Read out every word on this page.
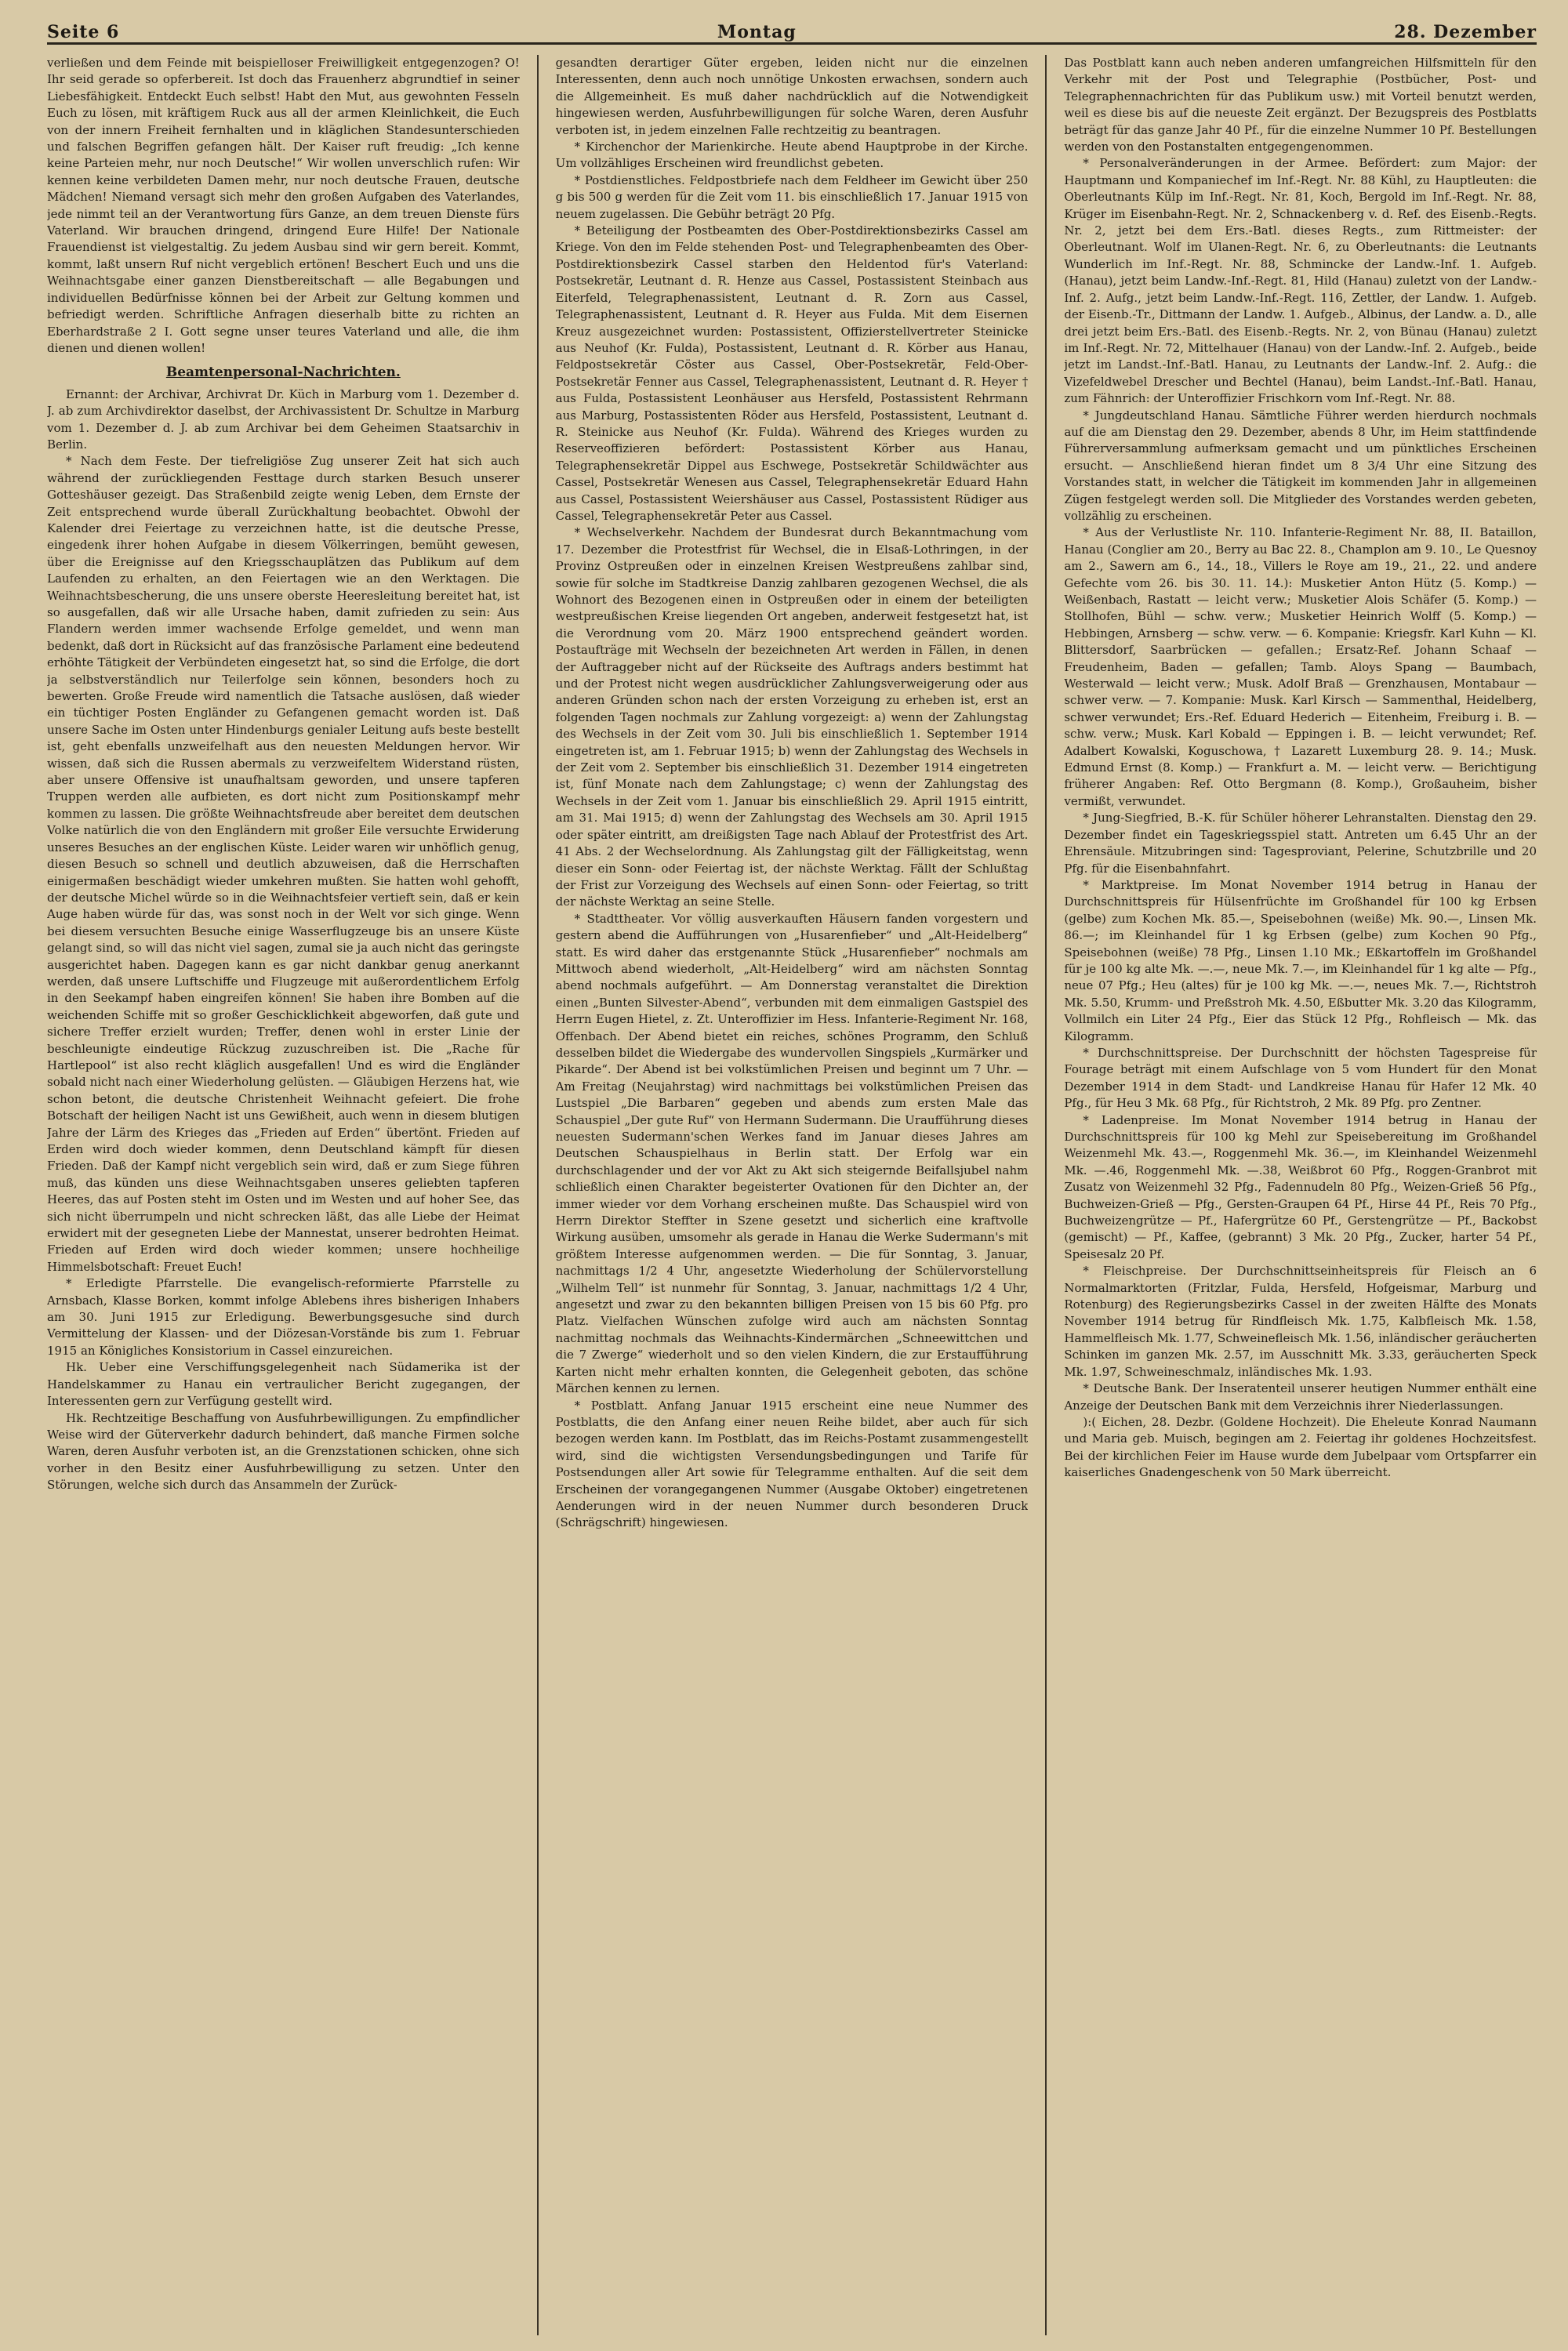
Seite 6	Montag	28. Dezember

verließen und dem Feinde mit beispielloser Freiwilligkeit entgegenzogen? O! Ihr seid gerade so opferbereit. Ist doch das Frauenherz abgrundtief in seiner Liebesfähigkeit. Entdeckt Euch selbst! Habt den Mut, aus gewohnten Fesseln Euch zu lösen, mit kräftigem Ruck aus all der armen Kleinlichkeit, die Euch von der innern Freiheit fernhalten und in kläglichen Standesunterschieden und falschen Begriffen gefangen hält. Der Kaiser ruft freudig: „Ich kenne keine Parteien mehr, nur noch Deutsche!“ Wir wollen unverschlich rufen: Wir kennen keine verbildeten Damen mehr, nur noch deutsche Frauen, deutsche Mädchen! Niemand versagt sich mehr den großen Aufgaben des Vaterlandes, jede nimmt teil an der Verantwortung fürs Ganze, an dem treuen Dienste fürs Vaterland. Wir brauchen dringend, dringend Eure Hilfe! Der Nationale Frauendienst ist vielgestaltig. Zu jedem Ausbau sind wir gern bereit. Kommt, kommt, laßt unsern Ruf nicht vergeblich ertönen! Beschert Euch und uns die Weihnachtsgabe einer ganzen Dienstbereitschaft — alle Begabungen und individuellen Bedürfnisse können bei der Arbeit zur Geltung kommen und befriedigt werden. Schriftliche Anfragen dieserhalb bitte zu richten an Eberhardstraße 2 I. Gott segne unser teures Vaterland und alle, die ihm dienen und dienen wollen!

Beamtenpersonal-Nachrichten.

Ernannt: der Archivar, Archivrat Dr. Küch in Marburg vom 1. Dezember d. J. ab zum Archivdirektor daselbst, der Archivassistent Dr. Schultze in Marburg vom 1. Dezember d. J. ab zum Archivar bei dem Geheimen Staatsarchiv in Berlin.

* Nach dem Feste. Der tiefreligiöse Zug unserer Zeit hat sich auch während der zurückliegenden Festtage durch starken Besuch unserer Gotteshäuser gezeigt. Das Straßenbild zeigte wenig Leben, dem Ernste der Zeit entsprechend wurde überall Zurückhaltung beobachtet. Obwohl der Kalender drei Feiertage zu verzeichnen hatte, ist die deutsche Presse, eingedenk ihrer hohen Aufgabe in diesem Völkerringen, bemüht gewesen, über die Ereignisse auf den Kriegsschauplätzen das Publikum auf dem Laufenden zu erhalten, an den Feiertagen wie an den Werktagen. Die Weihnachtsbescherung, die uns unsere oberste Heeresleitung bereitet hat, ist so ausgefallen, daß wir alle Ursache haben, damit zufrieden zu sein: Aus Flandern werden immer wachsende Erfolge gemeldet, und wenn man bedenkt, daß dort in Rücksicht auf das französische Parlament eine bedeutend erhöhte Tätigkeit der Verbündeten eingesetzt hat, so sind die Erfolge, die dort ja selbstverständlich nur Teilerfolge sein können, besonders hoch zu bewerten. Große Freude wird namentlich die Tatsache auslösen, daß wieder ein tüchtiger Posten Engländer zu Gefangenen gemacht worden ist. Daß unsere Sache im Osten unter Hindenburgs genialer Leitung aufs beste bestellt ist, geht ebenfalls unzweifelhaft aus den neuesten Meldungen hervor. Wir wissen, daß sich die Russen abermals zu verzweifeltem Widerstand rüsten, aber unsere Offensive ist unaufhaltsam geworden, und unsere tapferen Truppen werden alle aufbieten, es dort nicht zum Positionskampf mehr kommen zu lassen. Die größte Weihnachtsfreude aber bereitet dem deutschen Volke natürlich die von den Engländern mit großer Eile versuchte Erwiderung unseres Besuches an der englischen Küste. Leider waren wir unhöflich genug, diesen Besuch so schnell und deutlich abzuweisen, daß die Herrschaften einigermaßen beschädigt wieder umkehren mußten. Sie hatten wohl gehofft, der deutsche Michel würde so in die Weihnachtsfeier vertieft sein, daß er kein Auge haben würde für das, was sonst noch in der Welt vor sich ginge. Wenn bei diesem versuchten Besuche einige Wasserflugzeuge bis an unsere Küste gelangt sind, so will das nicht viel sagen, zumal sie ja auch nicht das geringste ausgerichtet haben. Dagegen kann es gar nicht dankbar genug anerkannt werden, daß unsere Luftschiffe und Flugzeuge mit außerordentlichem Erfolg in den Seekampf haben eingreifen können! Sie haben ihre Bomben auf die weichenden Schiffe mit so großer Geschicklichkeit abgeworfen, daß gute und sichere Treffer erzielt wurden; Treffer, denen wohl in erster Linie der beschleunigte eindeutige Rückzug zuzuschreiben ist. Die „Rache für Hartlepool“ ist also recht kläglich ausgefallen! Und es wird die Engländer sobald nicht nach einer Wiederholung gelüsten. — Gläubigen Herzens hat, wie schon betont, die deutsche Christenheit Weihnacht gefeiert. Die frohe Botschaft der heiligen Nacht ist uns Gewißheit, auch wenn in diesem blutigen Jahre der Lärm des Krieges das „Frieden auf Erden“ übertönt. Frieden auf Erden wird doch wieder kommen, denn Deutschland kämpft für diesen Frieden. Daß der Kampf nicht vergeblich sein wird, daß er zum Siege führen muß, das künden uns diese Weihnachtsgaben unseres geliebten tapferen Heeres, das auf Posten steht im Osten und im Westen und auf hoher See, das sich nicht überrumpeln und nicht schrecken läßt, das alle Liebe der Heimat erwidert mit der gesegneten Liebe der Mannestat, unserer bedrohten Heimat. Frieden auf Erden wird doch wieder kommen; unsere hochheilige Himmelsbotschaft: Freuet Euch!

* Erledigte Pfarrstelle. Die evangelisch-reformierte Pfarrstelle zu Arnsbach, Klasse Borken, kommt infolge Ablebens ihres bisherigen Inhabers am 30. Juni 1915 zur Erledigung. Bewerbungsgesuche sind durch Vermittelung der Klassen- und der Diözesan-Vorstände bis zum 1. Februar 1915 an Königliches Konsistorium in Cassel einzureichen.

Hk. Ueber eine Verschiffungsgelegenheit nach Südamerika ist der Handelskammer zu Hanau ein vertraulicher Bericht zugegangen, der Interessenten gern zur Verfügung gestellt wird.

Hk. Rechtzeitige Beschaffung von Ausfuhrbewilligungen. Zu empfindlicher Weise wird der Güterverkehr dadurch behindert, daß manche Firmen solche Waren, deren Ausfuhr verboten ist, an die Grenzstationen schicken, ohne sich vorher in den Besitz einer Ausfuhrbewilligung zu setzen. Unter den Störungen, welche sich durch das Ansammeln der Zurück-

gesandten derartiger Güter ergeben, leiden nicht nur die einzelnen Interessenten, denn auch noch unnötige Unkosten erwachsen, sondern auch die Allgemeinheit. Es muß daher nachdrücklich auf die Notwendigkeit hingewiesen werden, Ausfuhrbewilligungen für solche Waren, deren Ausfuhr verboten ist, in jedem einzelnen Falle rechtzeitig zu beantragen.

* Kirchenchor der Marienkirche. Heute abend Hauptprobe in der Kirche. Um vollzähliges Erscheinen wird freundlichst gebeten.

* Postdienstliches. Feldpostbriefe nach dem Feldheer im Gewicht über 250 g bis 500 g werden für die Zeit vom 11. bis einschließlich 17. Januar 1915 von neuem zugelassen. Die Gebühr beträgt 20 Pfg.

* Beteiligung der Postbeamten des Ober-Postdirektionsbezirks Cassel am Kriege. Von den im Felde stehenden Post- und Telegraphenbeamten des Ober-Postdirektionsbezirk Cassel starben den Heldentod für's Vaterland: Postsekretär, Leutnant d. R. Henze aus Cassel, Postassistent Steinbach aus Eiterfeld, Telegraphenassistent, Leutnant d. R. Zorn aus Cassel, Telegraphenassistent, Leutnant d. R. Heyer aus Fulda. Mit dem Eisernen Kreuz ausgezeichnet wurden: Postassistent, Offizierstellvertreter Steinicke aus Neuhof (Kr. Fulda), Postassistent, Leutnant d. R. Körber aus Hanau, Feldpostsekretär Cöster aus Cassel, Ober-Postsekretär, Feld-Ober-Postsekretär Fenner aus Cassel, Telegraphenassistent, Leutnant d. R. Heyer † aus Fulda, Postassistent Leonhäuser aus Hersfeld, Postassistent Rehrmann aus Marburg, Postassistenten Röder aus Hersfeld, Postassistent, Leutnant d. R. Steinicke aus Neuhof (Kr. Fulda). Während des Krieges wurden zu Reserveoffizieren befördert: Postassistent Körber aus Hanau, Telegraphensekretär Dippel aus Eschwege, Postsekretär Schildwächter aus Cassel, Postsekretär Wenesen aus Cassel, Telegraphensekretär Eduard Hahn aus Cassel, Postassistent Weiershäuser aus Cassel, Postassistent Rüdiger aus Cassel, Telegraphensekretär Peter aus Cassel.

* Wechselverkehr. Nachdem der Bundesrat durch Bekanntmachung vom 17. Dezember die Protestfrist für Wechsel, die in Elsaß-Lothringen, in der Provinz Ostpreußen oder in einzelnen Kreisen Westpreußens zahlbar sind, sowie für solche im Stadtkreise Danzig zahlbaren gezogenen Wechsel, die als Wohnort des Bezogenen einen in Ostpreußen oder in einem der beteiligten westpreußischen Kreise liegenden Ort angeben, anderweit festgesetzt hat, ist die Verordnung vom 20. März 1900 entsprechend geändert worden. Postaufträge mit Wechseln der bezeichneten Art werden in Fällen, in denen der Auftraggeber nicht auf der Rückseite des Auftrags anders bestimmt hat und der Protest nicht wegen ausdrücklicher Zahlungsverweigerung oder aus anderen Gründen schon nach der ersten Vorzeigung zu erheben ist, erst an folgenden Tagen nochmals zur Zahlung vorgezeigt: a) wenn der Zahlungstag des Wechsels in der Zeit vom 30. Juli bis einschließlich 1. September 1914 eingetreten ist, am 1. Februar 1915; b) wenn der Zahlungstag des Wechsels in der Zeit vom 2. September bis einschließlich 31. Dezember 1914 eingetreten ist, fünf Monate nach dem Zahlungstage; c) wenn der Zahlungstag des Wechsels in der Zeit vom 1. Januar bis einschließlich 29. April 1915 eintritt, am 31. Mai 1915; d) wenn der Zahlungstag des Wechsels am 30. April 1915 oder später eintritt, am dreißigsten Tage nach Ablauf der Protestfrist des Art. 41 Abs. 2 der Wechselordnung. Als Zahlungstag gilt der Fälligkeitstag, wenn dieser ein Sonn- oder Feiertag ist, der nächste Werktag. Fällt der Schlußtag der Frist zur Vorzeigung des Wechsels auf einen Sonn- oder Feiertag, so tritt der nächste Werktag an seine Stelle.

* Stadttheater. Vor völlig ausverkauften Häusern fanden vorgestern und gestern abend die Aufführungen von „Husarenfieber“ und „Alt-Heidelberg“ statt. Es wird daher das erstgenannte Stück „Husarenfieber“ nochmals am Mittwoch abend wiederholt, „Alt-Heidelberg“ wird am nächsten Sonntag abend nochmals aufgeführt. — Am Donnerstag veranstaltet die Direktion einen „Bunten Silvester-Abend“, verbunden mit dem einmaligen Gastspiel des Herrn Eugen Hietel, z. Zt. Unteroffizier im Hess. Infanterie-Regiment Nr. 168, Offenbach. Der Abend bietet ein reiches, schönes Programm, den Schluß desselben bildet die Wiedergabe des wundervollen Singspiels „Kurmärker und Pikarde“. Der Abend ist bei volkstümlichen Preisen und beginnt um 7 Uhr. — Am Freitag (Neujahrstag) wird nachmittags bei volkstümlichen Preisen das Lustspiel „Die Barbaren“ gegeben und abends zum ersten Male das Schauspiel „Der gute Ruf“ von Hermann Sudermann. Die Uraufführung dieses neuesten Sudermann'schen Werkes fand im Januar dieses Jahres am Deutschen Schauspielhaus in Berlin statt. Der Erfolg war ein durchschlagender und der vor Akt zu Akt sich steigernde Beifallsjubel nahm schließlich einen Charakter begeisterter Ovationen für den Dichter an, der immer wieder vor dem Vorhang erscheinen mußte. Das Schauspiel wird von Herrn Direktor Steffter in Szene gesetzt und sicherlich eine kraftvolle Wirkung ausüben, umsomehr als gerade in Hanau die Werke Sudermann's mit größtem Interesse aufgenommen werden. — Die für Sonntag, 3. Januar, nachmittags 1/2 4 Uhr, angesetzte Wiederholung der Schülervorstellung „Wilhelm Tell“ ist nunmehr für Sonntag, 3. Januar, nachmittags 1/2 4 Uhr, angesetzt und zwar zu den bekannten billigen Preisen von 15 bis 60 Pfg. pro Platz. Vielfachen Wünschen zufolge wird auch am nächsten Sonntag nachmittag nochmals das Weihnachts-Kindermärchen „Schneewittchen und die 7 Zwerge“ wiederholt und so den vielen Kindern, die zur Erstaufführung Karten nicht mehr erhalten konnten, die Gelegenheit geboten, das schöne Märchen kennen zu lernen.

* Postblatt. Anfang Januar 1915 erscheint eine neue Nummer des Postblatts, die den Anfang einer neuen Reihe bildet, aber auch für sich bezogen werden kann. Im Postblatt, das im Reichs-Postamt zusammengestellt wird, sind die wichtigsten Versendungsbedingungen und Tarife für Postsendungen aller Art sowie für Telegramme enthalten. Auf die seit dem Erscheinen der vorangegangenen Nummer (Ausgabe Oktober) eingetretenen Aenderungen wird in der neuen Nummer durch besonderen Druck (Schrägschrift) hingewiesen.

Das Postblatt kann auch neben anderen umfangreichen Hilfsmitteln für den Verkehr mit der Post und Telegraphie (Postbücher, Post- und Telegraphennachrichten für das Publikum usw.) mit Vorteil benutzt werden, weil es diese bis auf die neueste Zeit ergänzt. Der Bezugspreis des Postblatts beträgt für das ganze Jahr 40 Pf., für die einzelne Nummer 10 Pf. Bestellungen werden von den Postanstalten entgegengenommen.

* Personalveränderungen in der Armee. Befördert: zum Major: der Hauptmann und Kompaniechef im Inf.-Regt. Nr. 88 Kühl, zu Hauptleuten: die Oberleutnants Külp im Inf.-Regt. Nr. 81, Koch, Bergold im Inf.-Regt. Nr. 88, Krüger im Eisenbahn-Regt. Nr. 2, Schnackenberg v. d. Ref. des Eisenb.-Regts. Nr. 2, jetzt bei dem Ers.-Batl. dieses Regts., zum Rittmeister: der Oberleutnant. Wolf im Ulanen-Regt. Nr. 6, zu Oberleutnants: die Leutnants Wunderlich im Inf.-Regt. Nr. 88, Schmincke der Landw.-Inf. 1. Aufgeb. (Hanau), jetzt beim Landw.-Inf.-Regt. 81, Hild (Hanau) zuletzt von der Landw.-Inf. 2. Aufg., jetzt beim Landw.-Inf.-Regt. 116, Zettler, der Landw. 1. Aufgeb. der Eisenb.-Tr., Dittmann der Landw. 1. Aufgeb., Albinus, der Landw. a. D., alle drei jetzt beim Ers.-Batl. des Eisenb.-Regts. Nr. 2, von Bünau (Hanau) zuletzt im Inf.-Regt. Nr. 72, Mittelhauer (Hanau) von der Landw.-Inf. 2. Aufgeb., beide jetzt im Landst.-Inf.-Batl. Hanau, zu Leutnants der Landw.-Inf. 2. Aufg.: die Vizefeldwebel Drescher und Bechtel (Hanau), beim Landst.-Inf.-Batl. Hanau, zum Fähnrich: der Unteroffizier Frischkorn vom Inf.-Regt. Nr. 88.

* Jungdeutschland Hanau. Sämtliche Führer werden hierdurch nochmals auf die am Dienstag den 29. Dezember, abends 8 Uhr, im Heim stattfindende Führerversammlung aufmerksam gemacht und um pünktliches Erscheinen ersucht. — Anschließend hieran findet um 8 3/4 Uhr eine Sitzung des Vorstandes statt, in welcher die Tätigkeit im kommenden Jahr in allgemeinen Zügen festgelegt werden soll. Die Mitglieder des Vorstandes werden gebeten, vollzählig zu erscheinen.

* Aus der Verlustliste Nr. 110. Infanterie-Regiment Nr. 88, II. Bataillon, Hanau (Conglier am 20., Berry au Bac 22. 8., Champlon am 9. 10., Le Quesnoy am 2., Sawern am 6., 14., 18., Villers le Roye am 19., 21., 22. und andere Gefechte vom 26. bis 30. 11. 14.): Musketier Anton Hütz (5. Komp.) — Weißenbach, Rastatt — leicht verw.; Musketier Alois Schäfer (5. Komp.) — Stollhofen, Bühl — schw. verw.; Musketier Heinrich Wolff (5. Komp.) — Hebbingen, Arnsberg — schw. verw. — 6. Kompanie: Kriegsfr. Karl Kuhn — Kl. Blittersdorf, Saarbrücken — gefallen.; Ersatz-Ref. Johann Schaaf — Freudenheim, Baden — gefallen; Tamb. Aloys Spang — Baumbach, Westerwald — leicht verw.; Musk. Adolf Braß — Grenzhausen, Montabaur — schwer verw. — 7. Kompanie: Musk. Karl Kirsch — Sammenthal, Heidelberg, schwer verwundet; Ers.-Ref. Eduard Hederich — Eitenheim, Freiburg i. B. — schw. verw.; Musk. Karl Kobald — Eppingen i. B. — leicht verwundet; Ref. Adalbert Kowalski, Koguschowa, † Lazarett Luxemburg 28. 9. 14.; Musk. Edmund Ernst (8. Komp.) — Frankfurt a. M. — leicht verw. — Berichtigung früherer Angaben: Ref. Otto Bergmann (8. Komp.), Großauheim, bisher vermißt, verwundet.

* Jung-Siegfried, B.-K. für Schüler höherer Lehranstalten. Dienstag den 29. Dezember findet ein Tageskriegsspiel statt. Antreten um 6.45 Uhr an der Ehrensäule. Mitzubringen sind: Tagesproviant, Pelerine, Schutzbrille und 20 Pfg. für die Eisenbahnfahrt.

* Marktpreise. Im Monat November 1914 betrug in Hanau der Durchschnittspreis für Hülsenfrüchte im Großhandel für 100 kg Erbsen (gelbe) zum Kochen Mk. 85.—, Speisebohnen (weiße) Mk. 90.—, Linsen Mk. 86.—; im Kleinhandel für 1 kg Erbsen (gelbe) zum Kochen 90 Pfg., Speisebohnen (weiße) 78 Pfg., Linsen 1.10 Mk.; Eßkartoffeln im Großhandel für je 100 kg alte Mk. —.—, neue Mk. 7.—, im Kleinhandel für 1 kg alte — Pfg., neue 07 Pfg.; Heu (altes) für je 100 kg Mk. —.—, neues Mk. 7.—, Richtstroh Mk. 5.50, Krumm- und Preßstroh Mk. 4.50, Eßbutter Mk. 3.20 das Kilogramm, Vollmilch ein Liter 24 Pfg., Eier das Stück 12 Pfg., Rohfleisch — Mk. das Kilogramm.

* Durchschnittspreise. Der Durchschnitt der höchsten Tagespreise für Fourage beträgt mit einem Aufschlage von 5 vom Hundert für den Monat Dezember 1914 in dem Stadt- und Landkreise Hanau für Hafer 12 Mk. 40 Pfg., für Heu 3 Mk. 68 Pfg., für Richtstroh, 2 Mk. 89 Pfg. pro Zentner.

* Ladenpreise. Im Monat November 1914 betrug in Hanau der Durchschnittspreis für 100 kg Mehl zur Speisebereitung im Großhandel Weizenmehl Mk. 43.—, Roggenmehl Mk. 36.—, im Kleinhandel Weizenmehl Mk. —.46, Roggenmehl Mk. —.38, Weißbrot 60 Pfg., Roggen-Granbrot mit Zusatz von Weizenmehl 32 Pfg., Fadennudeln 80 Pfg., Weizen-Grieß 56 Pfg., Buchweizen-Grieß — Pfg., Gersten-Graupen 64 Pf., Hirse 44 Pf., Reis 70 Pfg., Buchweizengrütze — Pf., Hafergrütze 60 Pf., Gerstengrütze — Pf., Backobst (gemischt) — Pf., Kaffee, (gebrannt) 3 Mk. 20 Pfg., Zucker, harter 54 Pf., Speisesalz 20 Pf.

* Fleischpreise. Der Durchschnittseinheitspreis für Fleisch an 6 Normalmarktorten (Fritzlar, Fulda, Hersfeld, Hofgeismar, Marburg und Rotenburg) des Regierungsbezirks Cassel in der zweiten Hälfte des Monats November 1914 betrug für Rindfleisch Mk. 1.75, Kalbfleisch Mk. 1.58, Hammelfleisch Mk. 1.77, Schweinefleisch Mk. 1.56, inländischer geräucherten Schinken im ganzen Mk. 2.57, im Ausschnitt Mk. 3.33, geräucherten Speck Mk. 1.97, Schweineschmalz, inländisches Mk. 1.93.

* Deutsche Bank. Der Inseratenteil unserer heutigen Nummer enthält eine Anzeige der Deutschen Bank mit dem Verzeichnis ihrer Niederlassungen.

):( Eichen, 28. Dezbr. (Goldene Hochzeit). Die Eheleute Konrad Naumann und Maria geb. Muisch, begingen am 2. Feiertag ihr goldenes Hochzeitsfest. Bei der kirchlichen Feier im Hause wurde dem Jubelpaar vom Ortspfarrer ein kaiserliches Gnadengeschenk von 50 Mark überreicht.
